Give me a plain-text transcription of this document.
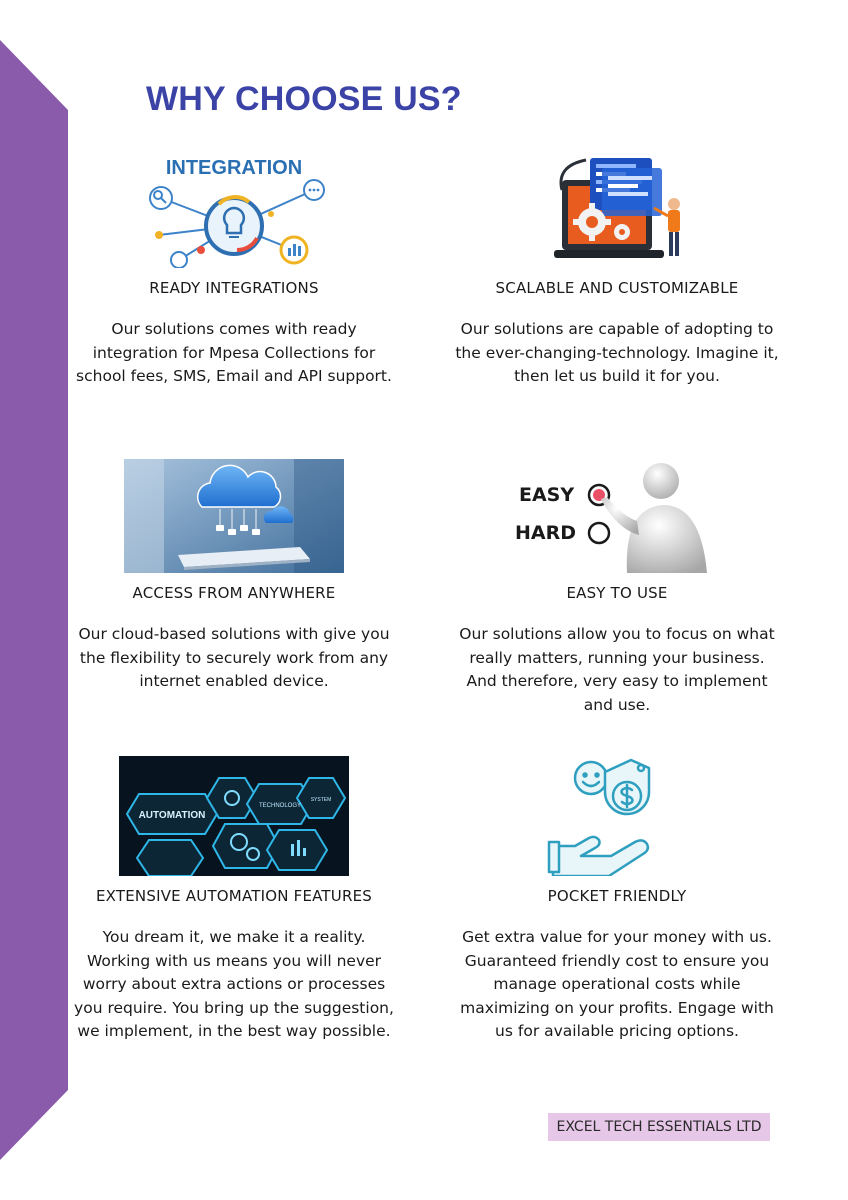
WHY CHOOSE US?
INTEGRATION
READY INTEGRATIONS
Our solutions comes with ready integration for Mpesa Collections for school fees, SMS, Email and API support.
SCALABLE AND CUSTOMIZABLE
Our solutions are capable of adopting to the ever-changing-technology. Imagine it, then let us build it for you.
ACCESS FROM ANYWHERE
Our cloud-based solutions with give you the flexibility to securely work from any internet enabled device.
EASY
HARD
EASY TO USE
Our solutions allow you to focus on what really matters, running your business. And therefore, very easy to implement and use.
AUTOMATION
TECHNOLOGY
SYSTEM
EXTENSIVE AUTOMATION FEATURES
You dream it, we make it a reality. Working with us means you will never worry about extra actions or processes you require. You bring up the suggestion, we implement, in the best way possible.
POCKET FRIENDLY
Get extra value for your money with us. Guaranteed friendly cost to ensure you manage operational costs while maximizing on your profits. Engage with us for available pricing options.
EXCEL TECH ESSENTIALS LTD
